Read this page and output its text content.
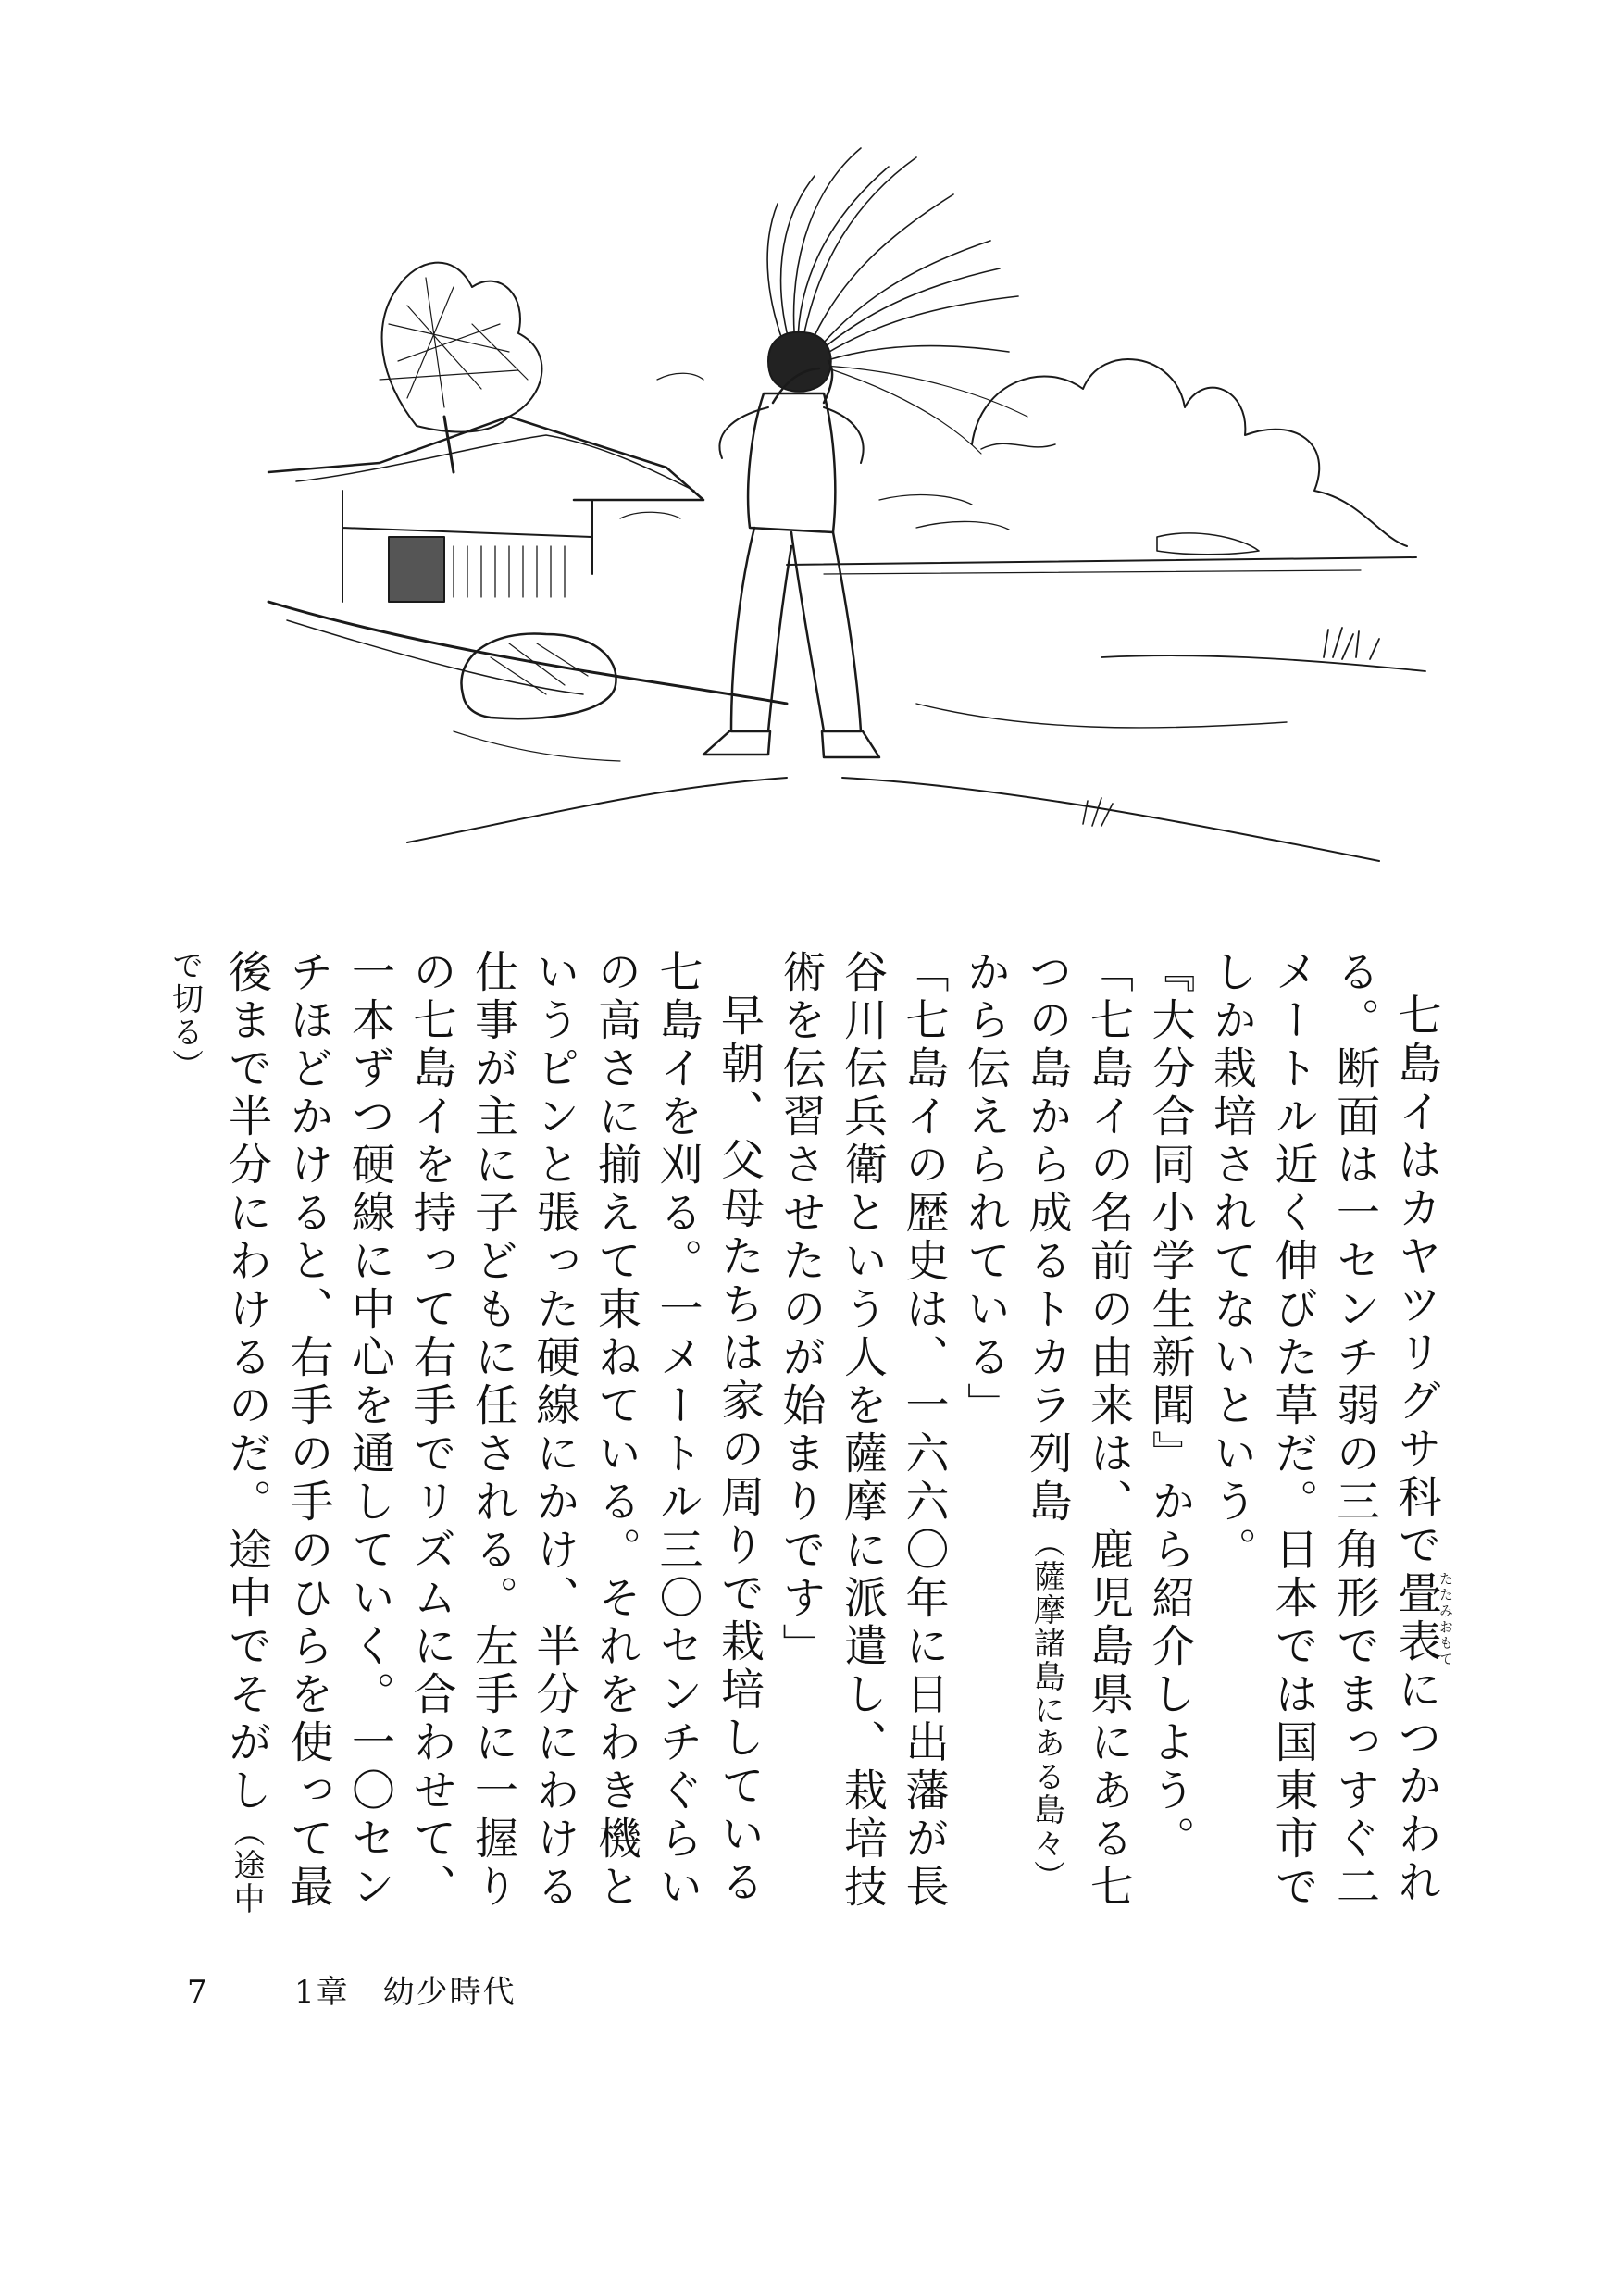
七島イはカヤツリグサ科で畳表たたみおもてにつかわれる。断面は一センチ弱の三角形でまっすぐ二メートル近く伸びた草だ。日本では国東市でしか栽培されてないという。

『大分合同小学生新聞』から紹介しよう。

「七島イの名前の由来は、鹿児島県にある七つの島から成るトカラ列島（薩摩諸島にある島々）から伝えられている」

「七島イの歴史は、一六六〇年に日出藩が長谷川伝兵衛という人を薩摩に派遣し、栽培技術を伝習させたのが始まりです」

早朝、父母たちは家の周りで栽培している七島イを刈る。一メートル三〇センチぐらいの高さに揃えて束ねている。それをわき機というピンと張った硬線にかけ、半分にわける仕事が主に子どもに任される。左手に一握りの七島イを持って右手でリズムに合わせて、一本ずつ硬線に中心を通していく。一〇センチほどかけると、右手の手のひらを使って最後まで半分にわけるのだ。途中でそがし（途中で切る）

7	1章　幼少時代
